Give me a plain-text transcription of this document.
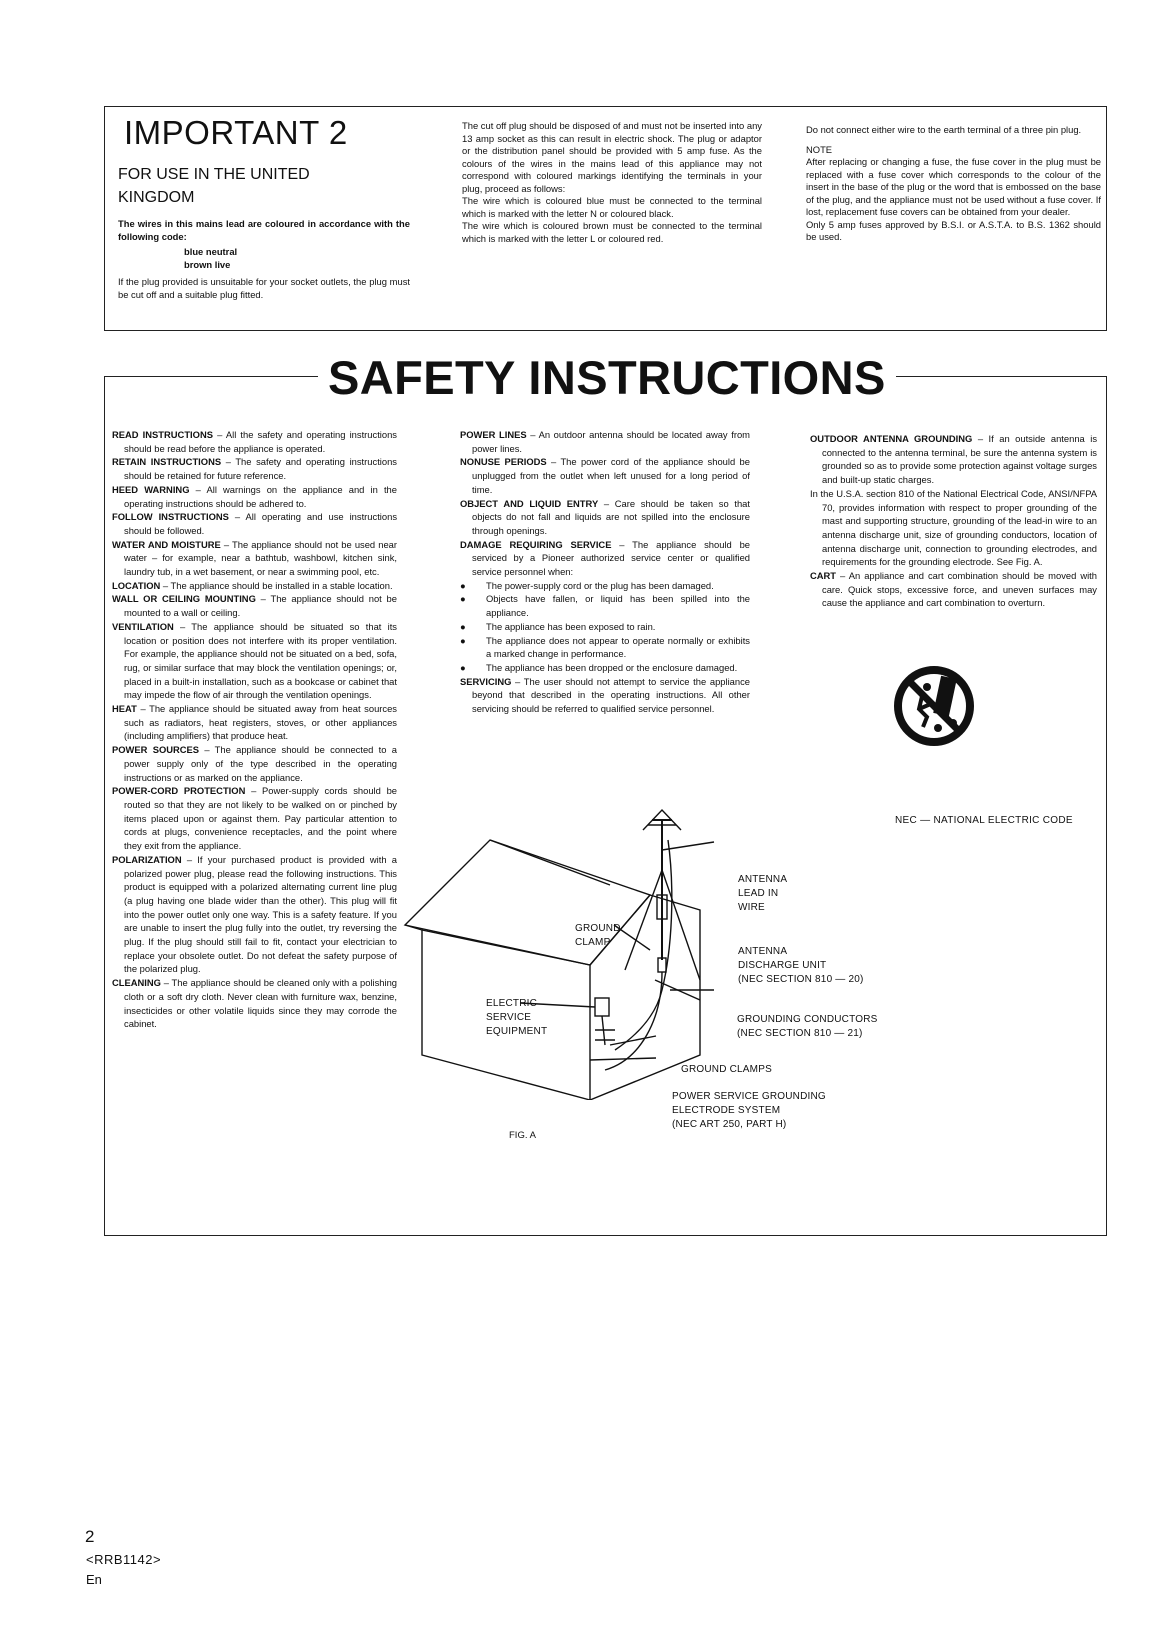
IMPORTANT 2
FOR USE IN THE UNITED
KINGDOM
The wires in this mains lead are coloured in accordance with the following code:
blue neutral
brown live
If the plug provided is unsuitable for your socket outlets, the plug must be cut off and a suitable plug fitted.

The cut off plug should be disposed of and must not be inserted into any 13 amp socket as this can result in electric shock. The plug or adaptor or the distribution panel should be provided with 5 amp fuse. As the colours of the wires in the mains lead of this appliance may not correspond with coloured markings identifying the terminals in your plug, proceed as follows:

The wire which is coloured blue must be connected to the terminal which is marked with the letter N or coloured black.

The wire which is coloured brown must be connected to the terminal which is marked with the letter L or coloured red.

Do not connect either wire to the earth terminal of a three pin plug.

NOTE

After replacing or changing a fuse, the fuse cover in the plug must be replaced with a fuse cover which corresponds to the colour of the insert in the base of the plug or the word that is embossed on the base of the plug, and the appliance must not be used without a fuse cover. If lost, replacement fuse covers can be obtained from your dealer.

Only 5 amp fuses approved by B.S.I. or A.S.T.A. to B.S. 1362 should be used.

SAFETY INSTRUCTIONS

READ INSTRUCTIONS – All the safety and operating instructions should be read before the appliance is operated.

RETAIN INSTRUCTIONS – The safety and operating instructions should be retained for future reference.

HEED WARNING – All warnings on the appliance and in the operating instructions should be adhered to.

FOLLOW INSTRUCTIONS – All operating and use instructions should be followed.

WATER AND MOISTURE – The appliance should not be used near water – for example, near a bathtub, washbowl, kitchen sink, laundry tub, in a wet basement, or near a swimming pool, etc.

LOCATION – The appliance should be installed in a stable location.

WALL OR CEILING MOUNTING – The appliance should not be mounted to a wall or ceiling.

VENTILATION – The appliance should be situated so that its location or position does not interfere with its proper ventilation. For example, the appliance should not be situated on a bed, sofa, rug, or similar surface that may block the ventilation openings; or, placed in a built-in installation, such as a bookcase or cabinet that may impede the flow of air through the ventilation openings.

HEAT – The appliance should be situated away from heat sources such as radiators, heat registers, stoves, or other appliances (including amplifiers) that produce heat.

POWER SOURCES – The appliance should be connected to a power supply only of the type described in the operating instructions or as marked on the appliance.

POWER-CORD PROTECTION – Power-supply cords should be routed so that they are not likely to be walked on or pinched by items placed upon or against them. Pay particular attention to cords at plugs, convenience receptacles, and the point where they exit from the appliance.

POLARIZATION – If your purchased product is provided with a polarized power plug, please read the following instructions. This product is equipped with a polarized alternating current line plug (a plug having one blade wider than the other). This plug will fit into the power outlet only one way. This is a safety feature. If you are unable to insert the plug fully into the outlet, try reversing the plug. If the plug should still fail to fit, contact your electrician to replace your obsolete outlet. Do not defeat the safety purpose of the polarized plug.

CLEANING – The appliance should be cleaned only with a polishing cloth or a soft dry cloth. Never clean with furniture wax, benzine, insecticides or other volatile liquids since they may corrode the cabinet.

POWER LINES – An outdoor antenna should be located away from power lines.

NONUSE PERIODS – The power cord of the appliance should be unplugged from the outlet when left unused for a long period of time.

OBJECT AND LIQUID ENTRY – Care should be taken so that objects do not fall and liquids are not spilled into the enclosure through openings.

DAMAGE REQUIRING SERVICE – The appliance should be serviced by a Pioneer authorized service center or qualified service personnel when:

● The power-supply cord or the plug has been damaged.

● Objects have fallen, or liquid has been spilled into the appliance.

● The appliance has been exposed to rain.

● The appliance does not appear to operate normally or exhibits a marked change in performance.

● The appliance has been dropped or the enclosure damaged.

SERVICING – The user should not attempt to service the appliance beyond that described in the operating instructions. All other servicing should be referred to qualified service personnel.

OUTDOOR ANTENNA GROUNDING – If an outside antenna is connected to the antenna terminal, be sure the antenna system is grounded so as to provide some protection against voltage surges and built-up static charges.

In the U.S.A. section 810 of the National Electrical Code, ANSI/NFPA 70, provides information with respect to proper grounding of the mast and supporting structure, grounding of the lead-in wire to an antenna discharge unit, size of grounding conductors, location of antenna discharge unit, connection to grounding electrodes, and requirements for the grounding electrode. See Fig. A.

CART – An appliance and cart combination should be moved with care. Quick stops, excessive force, and uneven surfaces may cause the appliance and cart combination to overturn.

NEC — NATIONAL ELECTRIC CODE
ANTENNA
LEAD IN
WIRE
GROUND
CLAMP
ANTENNA
DISCHARGE UNIT
(NEC SECTION 810 — 20)
ELECTRIC
SERVICE
EQUIPMENT
GROUNDING CONDUCTORS
(NEC SECTION 810 — 21)
GROUND CLAMPS
POWER SERVICE GROUNDING
ELECTRODE SYSTEM
(NEC ART 250, PART H)
FIG. A
2
<RRB1142>
En
